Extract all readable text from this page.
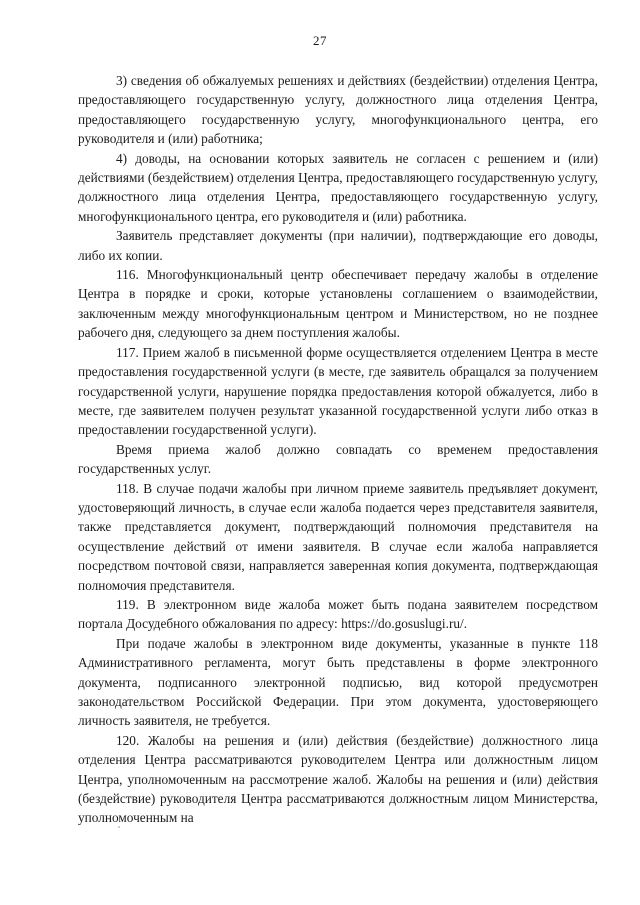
27

3) сведения об обжалуемых решениях и действиях (бездействии) отделения Центра, предоставляющего государственную услугу, должностного лица отделения Центра, предоставляющего государственную услугу, многофункционального центра, его руководителя и (или) работника;

4) доводы, на основании которых заявитель не согласен с решением и (или) действиями (бездействием) отделения Центра, предоставляющего государственную услугу, должностного лица отделения Центра, предоставляющего государственную услугу, многофункционального центра, его руководителя и (или) работника.

Заявитель представляет документы (при наличии), подтверждающие его доводы, либо их копии.

116. Многофункциональный центр обеспечивает передачу жалобы в отделение Центра в порядке и сроки, которые установлены соглашением о взаимодействии, заключенным между многофункциональным центром и Министерством, но не позднее рабочего дня, следующего за днем поступления жалобы.

117. Прием жалоб в письменной форме осуществляется отделением Центра в месте предоставления государственной услуги (в месте, где заявитель обращался за получением государственной услуги, нарушение порядка предоставления которой обжалуется, либо в месте, где заявителем получен результат указанной государственной услуги либо отказ в предоставлении государственной услуги).

Время приема жалоб должно совпадать со временем предоставления государственных услуг.

118. В случае подачи жалобы при личном приеме заявитель предъявляет документ, удостоверяющий личность, в случае если жалоба подается через представителя заявителя, также представляется документ, подтверждающий полномочия представителя на осуществление действий от имени заявителя. В случае если жалоба направляется посредством почтовой связи, направляется заверенная копия документа, подтверждающая полномочия представителя.

119. В электронном виде жалоба может быть подана заявителем посредством портала Досудебного обжалования по адресу: https://do.gosuslugi.ru/.

При подаче жалобы в электронном виде документы, указанные в пункте 118 Административного регламента, могут быть представлены в форме электронного документа, подписанного электронной подписью, вид которой предусмотрен законодательством Российской Федерации. При этом документа, удостоверяющего личность заявителя, не требуется.

120. Жалобы на решения и (или) действия (бездействие) должностного лица отделения Центра рассматриваются руководителем Центра или должностным лицом Центра, уполномоченным на рассмотрение жалоб. Жалобы на решения и (или) действия (бездействие) руководителя Центра рассматриваются должностным лицом Министерства, уполномоченным на
